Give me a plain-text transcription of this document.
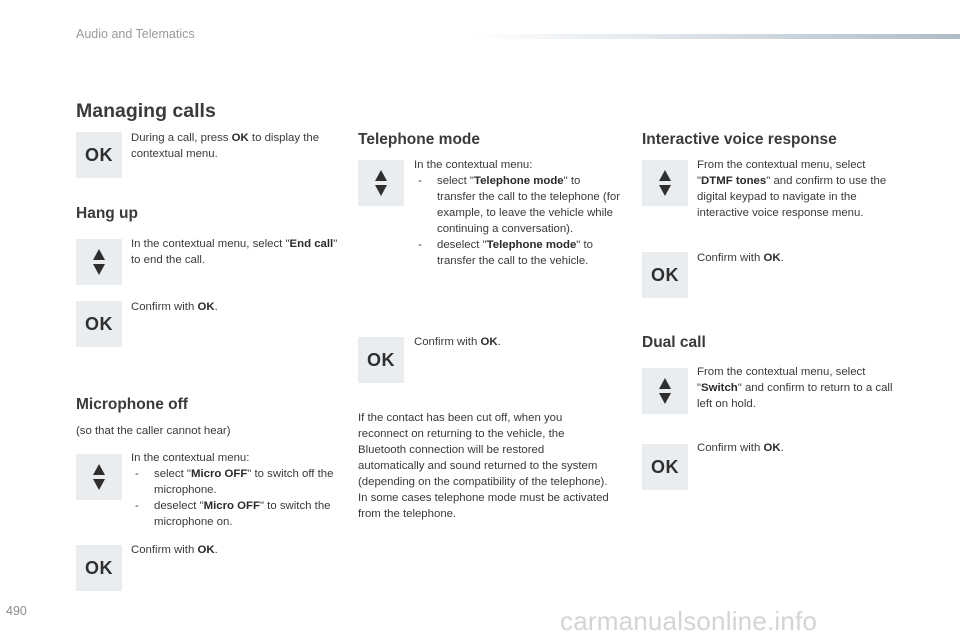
Audio and Telematics
Managing calls
OK
During a call, press OK to display the contextual menu.
Hang up
In the contextual menu, select "End call" to end the call.
Confirm with OK.
OK
Microphone off
(so that the caller cannot hear)
In the contextual menu:
- select "Micro OFF" to switch off the microphone.
- deselect "Micro OFF" to switch the microphone on.
Confirm with OK.
OK
Telephone mode
In the contextual menu:
- select "Telephone mode" to transfer the call to the telephone (for example, to leave the vehicle while continuing a conversation).
- deselect "Telephone mode" to transfer the call to the vehicle.
Confirm with OK.
OK
If the contact has been cut off, when you reconnect on returning to the vehicle, the Bluetooth connection will be restored automatically and sound returned to the system (depending on the compatibility of the telephone).
In some cases telephone mode must be activated from the telephone.
Interactive voice response
From the contextual menu, select "DTMF tones" and confirm to use the digital keypad to navigate in the interactive voice response menu.
Confirm with OK.
OK
Dual call
From the contextual menu, select "Switch" and confirm to return to a call left on hold.
Confirm with OK.
OK
490	carmanualsonline.info
